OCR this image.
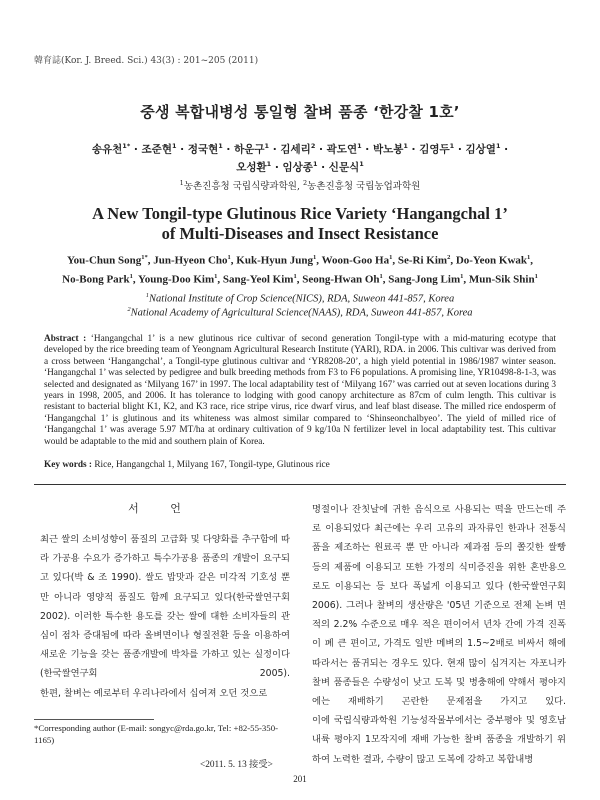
韓育誌(Kor. J. Breed. Sci.) 43(3) : 201~205 (2011)
중생 복합내병성 통일형 찰벼 품종 ‘한강찰 1호’
송유천$^{1*}$ · 조준현$^1$ · 정국현$^1$ · 하운구$^1$ · 김세리$^2$ · 곽도연$^1$ · 박노봉$^1$ · 김영두$^1$ · 김상열$^1$ ·
오성환$^1$ · 임상종$^1$ · 신문식$^1$
$^1$농촌진흥청 국립식량과학원, $^2$농촌진흥청 국립농업과학원
A New Tongil-type Glutinous Rice Variety ‘Hangangchal 1’
of Multi-Diseases and Insect Resistance
You-Chun Song$^{1*}$, Jun-Hyeon Cho$^1$, Kuk-Hyun Jung$^1$, Woon-Goo Ha$^1$, Se-Ri Kim$^2$, Do-Yeon Kwak$^1$,
No-Bong Park$^1$, Young-Doo Kim$^1$, Sang-Yeol Kim$^1$, Seong-Hwan Oh$^1$, Sang-Jong Lim$^1$, Mun-Sik Shin$^1$
$^1$National Institute of Crop Science(NICS), RDA, Suweon 441-857, Korea
$^2$National Academy of Agricultural Science(NAAS), RDA, Suweon 441-857, Korea
Abstract : ‘Hangangchal 1’ is a new glutinous rice cultivar of second generation Tongil-type with a mid-maturing ecotype that developed by the rice breeding team of Yeongnam Agricultural Research Institute (YARI), RDA. in 2006. This cultivar was derived from a cross between ‘Hangangchal’, a Tongil-type glutinous cultivar and ‘YR8208-20’, a high yield potential in 1986/1987 winter season. ‘Hangangchal 1’ was selected by pedigree and bulk breeding methods from F3 to F6 populations. A promising line, YR10498-8-1-3, was selected and designated as ‘Milyang 167’ in 1997. The local adaptability test of ‘Milyang 167’ was carried out at seven locations during 3 years in 1998, 2005, and 2006. It has tolerance to lodging with good canopy architecture as 87cm of culm length. This cultivar is resistant to bacterial blight K1, K2, and K3 race, rice stripe virus, rice dwarf virus, and leaf blast disease. The milled rice endosperm of ‘Hangangchal 1’ is glutinous and its whiteness was almost similar compared to ‘Shinseonchalbyeo’. The yield of milled rice of ‘Hangangchal 1’ was average 5.97 MT/ha at ordinary cultivation of 9 kg/10a N fertilizer level in local adaptability test. This cultivar would be adaptable to the mid and southern plain of Korea.
Key words : Rice, Hangangchal 1, Milyang 167, Tongil-type, Glutinous rice
서 언

최근 쌀의 소비성향이 품질의 고급화 및 다양화를 추구함에 따라 가공용 수요가 증가하고 특수가공용 품종의 개발이 요구되고 있다(박 & 조 1990). 쌀도 밥맛과 같은 미각적 기호성 뿐 만 아니라 영양적 품질도 함께 요구되고 있다(한국쌀연구회 2002). 이러한 특수한 용도를 갖는 쌀에 대한 소비자들의 관심이 점차 증대됨에 따라 올벼면이나 형질전환 등을 이용하여 새로운 기능을 갖는 품종개발에 박차를 가하고 있는 실정이다(한국쌀연구회 2005).

한편, 찰벼는 예로부터 우리나라에서 십여져 오던 것으로

명절이나 잔칫날에 귀한 음식으로 사용되는 떡을 만드는데 주로 이용되었다 최근에는 우리 고유의 과자류인 한과나 전통식품을 제조하는 원료곡 뿐 만 아니라 제과점 등의 쫄깃한 쌀빵 등의 제품에 이용되고 또한 가정의 식미증진을 위한 혼반용으로도 이용되는 등 보다 폭넓게 이용되고 있다 (한국쌀연구회 2006). 그러나 찰벼의 생산량은 '05년 기준으로 전체 논벼 면적의 2.2% 수준으로 매우 적은 편이어서 년차 간에 가격 진폭이 폐 큰 편이고, 가격도 일반 메벼의 1.5~2배로 비싸서 해에 따라서는 품귀되는 경우도 있다. 현재 많이 심겨지는 자포니카 찰벼 품종들은 수량성이 낮고 도복 및 병충해에 약해서 평야지에는 재배하기 곤란한 문제점을 가지고 있다.

이에 국립식량과학원 기능성작물부에서는 중부평야 및 영호남 내륙 평야지 1모작지에 재배 가능한 찰벼 품종을 개발하기 위하여 노력한 결과, 수량이 많고 도복에 강하고 복합내병

*Corresponding author (E-mail: songyc@rda.go.kr, Tel: +82-55-350-1165)
<2011. 5. 13 接受>
201
